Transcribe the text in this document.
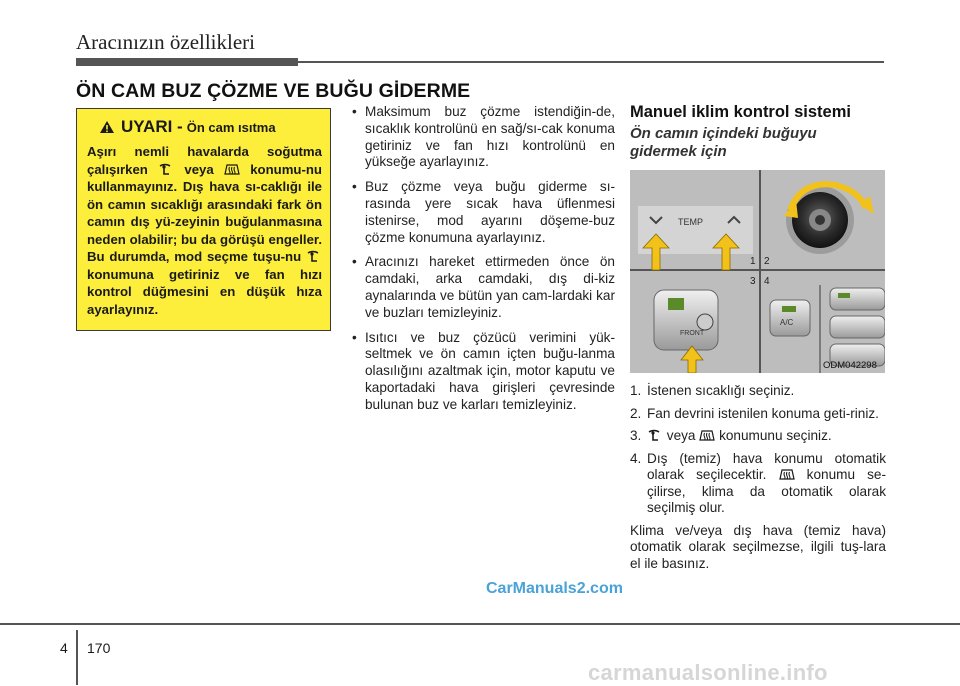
Aracınızın özellikleri
ÖN CAM BUZ ÇÖZME VE BUĞU GİDERME
UYARI - Ön cam ısıtma
Aşırı nemli havalarda soğutma çalışırken	veya	konumu-nu kullanmayınız. Dış hava sı-caklığı ile ön camın sıcaklığı arasındaki fark ön camın dış yü-zeyinin buğulanmasına neden olabilir; bu da görüşü engeller. Bu durumda, mod seçme tuşu-nu  konumuna getiriniz ve fan hızı kontrol düğmesini en düşük hıza ayarlayınız.
• Maksimum buz çözme istendiğin-de, sıcaklık kontrolünü en sağ/sı-cak konuma getiriniz ve fan hızı kontrolünü en yükseğe ayarlayınız.
• Buz çözme veya buğu giderme sı-rasında yere sıcak hava üflenmesi istenirse, mod ayarını döşeme-buz çözme konumuna ayarlayınız.
• Aracınızı hareket ettirmeden önce ön camdaki, arka camdaki, dış di-kiz aynalarında ve bütün yan cam-lardaki kar ve buzları temizleyiniz.
• Isıtıcı ve buz çözücü verimini yük-seltmek ve ön camın içten buğu-lanma olasılığını azaltmak için, motor kaputu ve kaportadaki hava girişleri çevresinde bulunan buz ve karları temizleyiniz.
Manuel iklim kontrol sistemi
Ön camın içindeki buğuyu gidermek için
TEMP
1 2
3 4
FRONT
A/C
ODM042298
1. İstenen sıcaklığı seçiniz.
2. Fan devrini istenilen konuma geti-riniz.
3. veya konumunu seçiniz.
4. Dış (temiz) hava konumu otomatik olarak seçilecektir.	konumu se-çilirse, klima da otomatik olarak seçilmiş olur.
Klima ve/veya dış hava (temiz hava) otomatik olarak seçilmezse, ilgili tuş-lara el ile basınız.
CarManuals2.com
4 170
carmanualsonline.info
